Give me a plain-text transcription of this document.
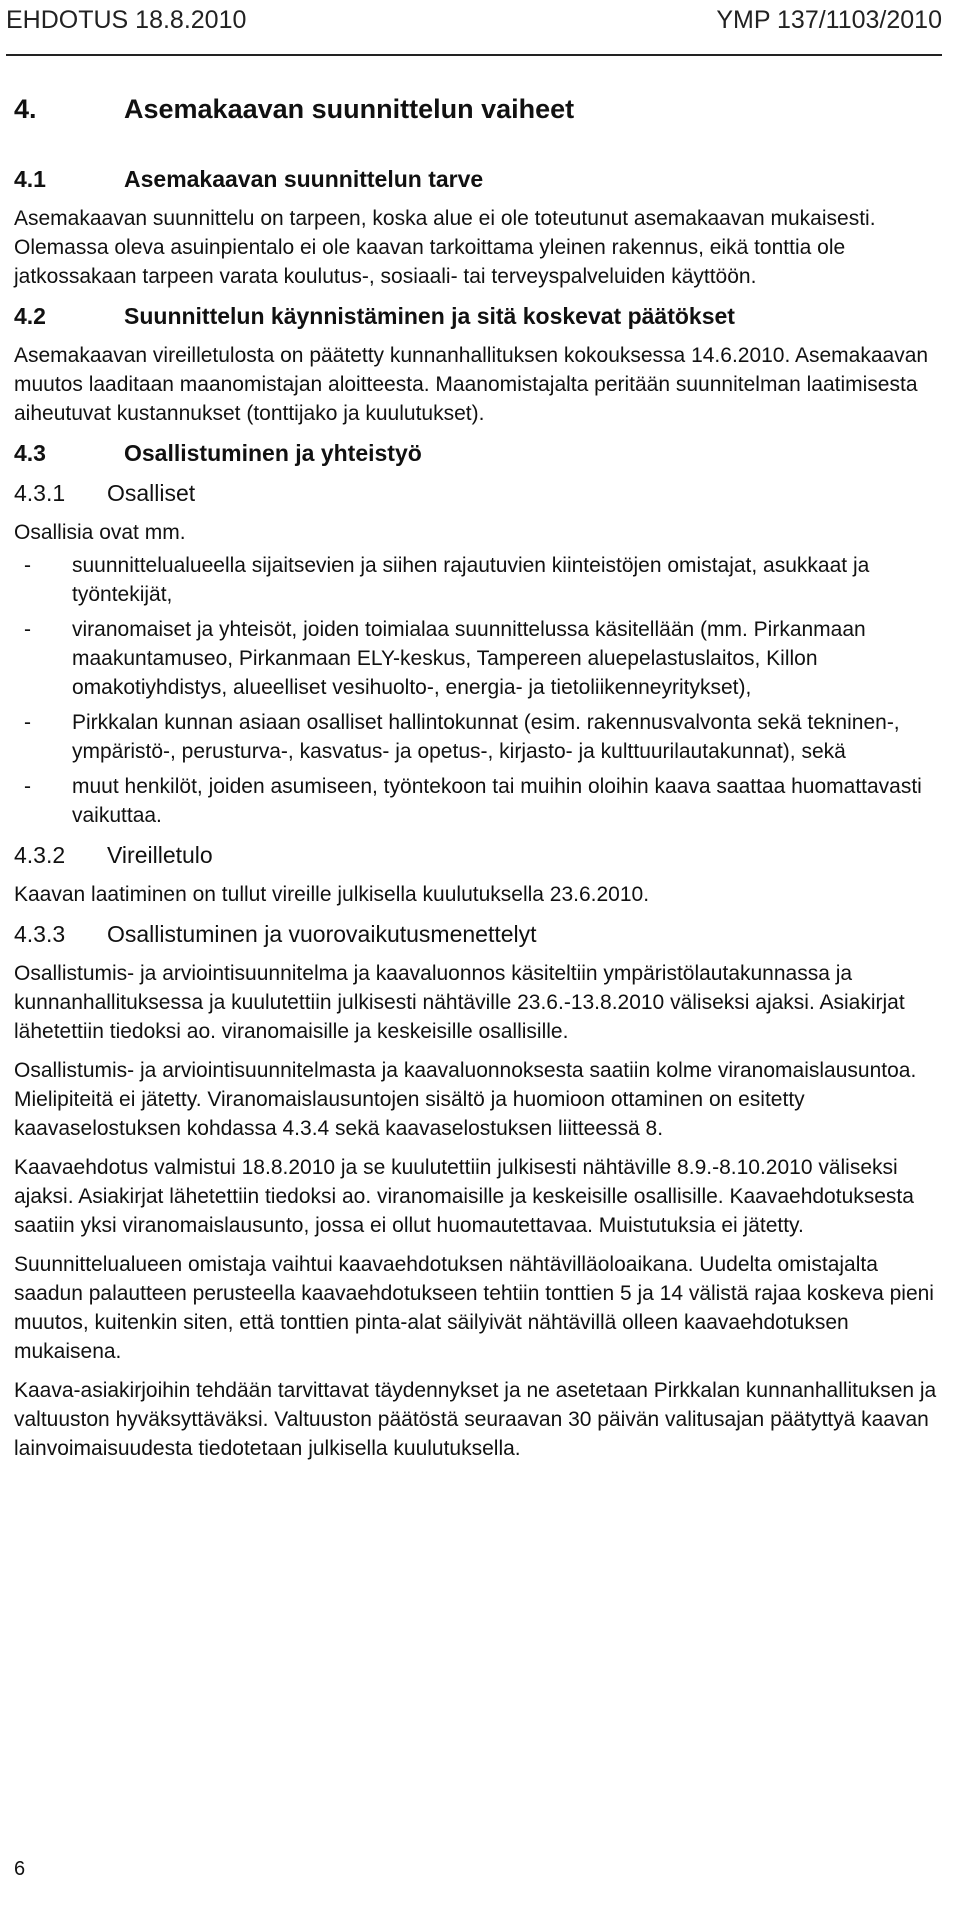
EHDOTUS 18.8.2010	YMP 137/1103/2010
4.	Asemakaavan suunnittelun vaiheet
4.1	Asemakaavan suunnittelun tarve

Asemakaavan suunnittelu on tarpeen, koska alue ei ole toteutunut asemakaavan mukaisesti. Olemassa oleva asuinpientalo ei ole kaavan tarkoittama yleinen rakennus, eikä tonttia ole jatkossakaan tarpeen varata koulutus-, sosiaali- tai terveyspalveluiden käyttöön.

4.2	Suunnittelun käynnistäminen ja sitä koskevat päätökset

Asemakaavan vireilletulosta on päätetty kunnanhallituksen kokouksessa 14.6.2010. Asemakaavan muutos laaditaan maanomistajan aloitteesta. Maanomistajalta peritään suunnitelman laatimisesta aiheutuvat kustannukset (tonttijako ja kuulutukset).

4.3	Osallistuminen ja yhteistyö
4.3.1	Osalliset

Osallisia ovat mm.

-	suunnittelualueella sijaitsevien ja siihen rajautuvien kiinteistöjen omistajat, asukkaat ja työntekijät,
-	viranomaiset ja yhteisöt, joiden toimialaa suunnittelussa käsitellään (mm. Pirkanmaan maakuntamuseo, Pirkanmaan ELY-keskus, Tampereen aluepelastuslaitos, Killon omakotiyhdistys, alueelliset vesihuolto-, energia- ja tietoliikenneyritykset),
-	Pirkkalan kunnan asiaan osalliset hallintokunnat (esim. rakennusvalvonta sekä tekninen-, ympäristö-, perusturva-, kasvatus- ja opetus-, kirjasto- ja kulttuurilautakunnat), sekä
-	muut henkilöt, joiden asumiseen, työntekoon tai muihin oloihin kaava saattaa huomattavasti vaikuttaa.
4.3.2	Vireilletulo

Kaavan laatiminen on tullut vireille julkisella kuulutuksella 23.6.2010.

4.3.3	Osallistuminen ja vuorovaikutusmenettelyt

Osallistumis- ja arviointisuunnitelma ja kaavaluonnos käsiteltiin ympäristölautakunnassa ja kunnanhallituksessa ja kuulutettiin julkisesti nähtäville 23.6.-13.8.2010 väliseksi ajaksi. Asiakirjat lähetettiin tiedoksi ao. viranomaisille ja keskeisille osallisille.

Osallistumis- ja arviointisuunnitelmasta ja kaavaluonnoksesta saatiin kolme viranomaislausuntoa. Mielipiteitä ei jätetty. Viranomaislausuntojen sisältö ja huomioon ottaminen on esitetty kaavaselostuksen kohdassa 4.3.4 sekä kaavaselostuksen liitteessä 8.

Kaavaehdotus valmistui 18.8.2010 ja se kuulutettiin julkisesti nähtäville 8.9.-8.10.2010 väliseksi ajaksi. Asiakirjat lähetettiin tiedoksi ao. viranomaisille ja keskeisille osallisille. Kaavaehdotuksesta saatiin yksi viranomaislausunto, jossa ei ollut huomautettavaa. Muistutuksia ei jätetty.

Suunnittelualueen omistaja vaihtui kaavaehdotuksen nähtävilläoloaikana. Uudelta omistajalta saadun palautteen perusteella kaavaehdotukseen tehtiin tonttien 5 ja 14 välistä rajaa koskeva pieni muutos, kuitenkin siten, että tonttien pinta-alat säilyivät nähtävillä olleen kaavaehdotuksen mukaisena.

Kaava-asiakirjoihin tehdään tarvittavat täydennykset ja ne asetetaan Pirkkalan kunnanhallituksen ja valtuuston hyväksyttäväksi. Valtuuston päätöstä seuraavan 30 päivän valitusajan päätyttyä kaavan lainvoimaisuudesta tiedotetaan julkisella kuulutuksella.

6
